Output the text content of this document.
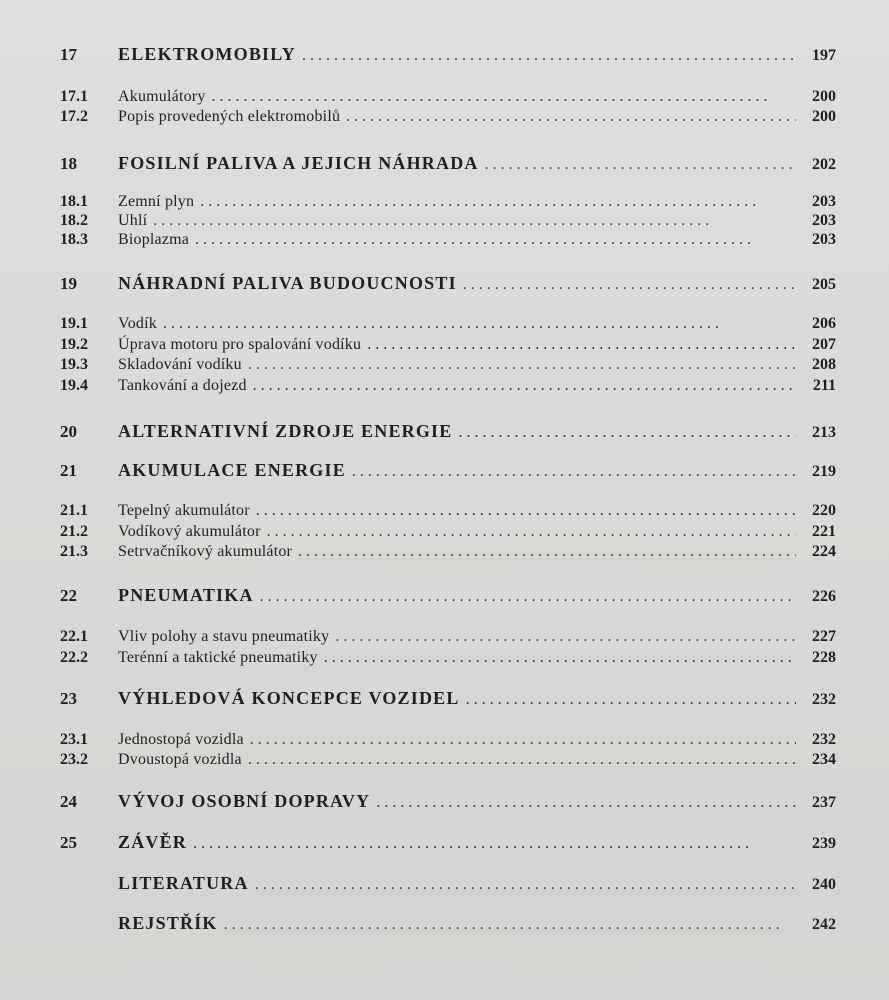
17	ELEKTROMOBILY . . .	197
17.1	Akumulátory . . .	200
17.2	Popis provedených elektromobilů . . .	200
18	FOSILNÍ PALIVA A JEJICH NÁHRADA . . .	202
18.1	Zemní plyn . . .	203
18.2	Uhlí . . .	203
18.3	Bioplazma . . .	203
19	NÁHRADNÍ PALIVA BUDOUCNOSTI . . .	205
19.1	Vodík . . .	206
19.2	Úprava motoru pro spalování vodíku . . .	207
19.3	Skladování vodíku . . .	208
19.4	Tankování a dojezd . . .	211
20	ALTERNATIVNÍ ZDROJE ENERGIE . . .	213
21	AKUMULACE ENERGIE . . .	219
21.1	Tepelný akumulátor . . .	220
21.2	Vodíkový akumulátor . . .	221
21.3	Setrvačníkový akumulátor . . .	224
22	PNEUMATIKA . . .	226
22.1	Vliv polohy a stavu pneumatiky . . .	227
22.2	Terénní a taktické pneumatiky . . .	228
23	VÝHLEDOVÁ KONCEPCE VOZIDEL . . .	232
23.1	Jednostopá vozidla . . .	232
23.2	Dvoustopá vozidla . . .	234
24	VÝVOJ OSOBNÍ DOPRAVY . . .	237
25	ZÁVĚR . . .	239
LITERATURA . . .	240
REJSTŘÍK . . .	242
